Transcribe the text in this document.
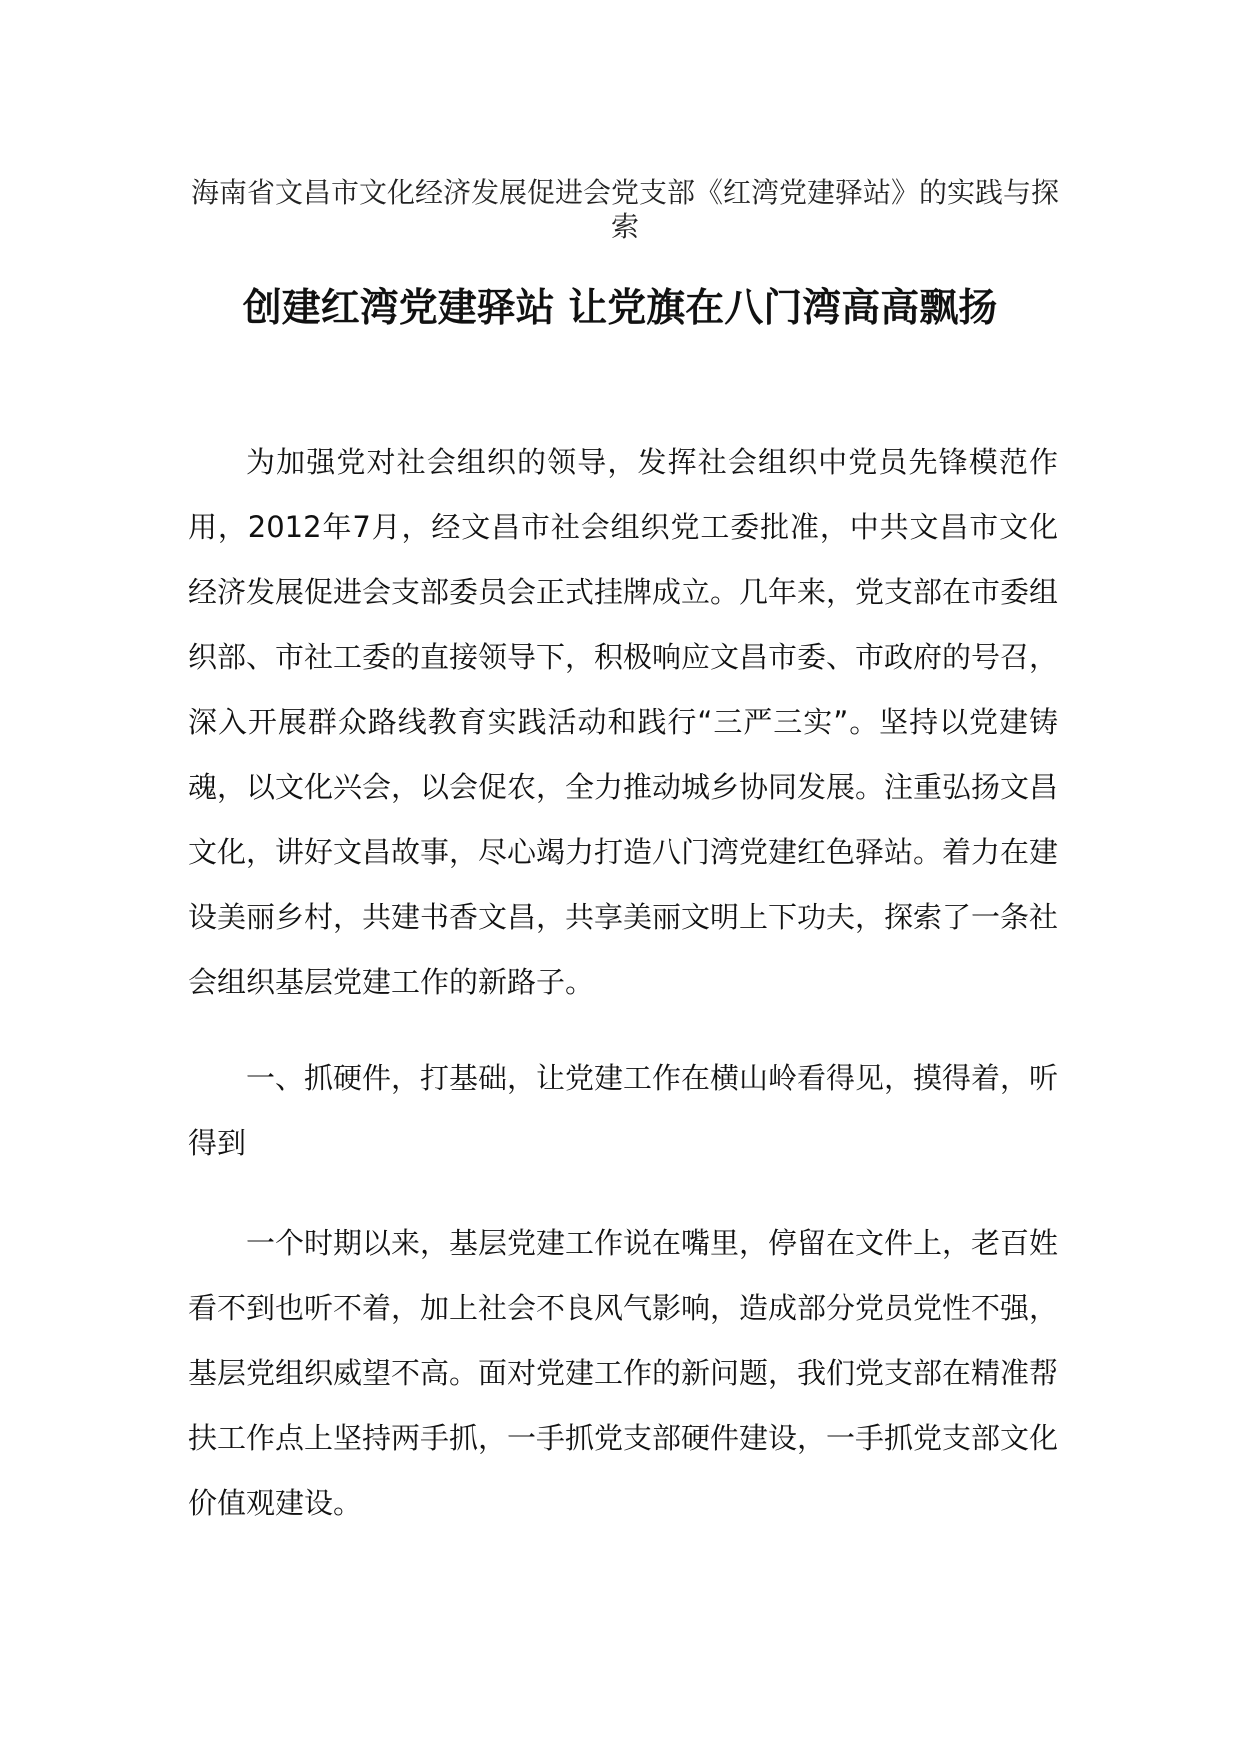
海南省文昌市文化经济发展促进会党支部《红湾党建驿站》的实践与探索
创建红湾党建驿站 让党旗在八门湾高高飘扬

为加强党对社会组织的领导，发挥社会组织中党员先锋模范作用，2012年7月，经文昌市社会组织党工委批准，中共文昌市文化经济发展促进会支部委员会正式挂牌成立。几年来，党支部在市委组织部、市社工委的直接领导下，积极响应文昌市委、市政府的号召，深入开展群众路线教育实践活动和践行“三严三实”。坚持以党建铸魂，以文化兴会，以会促农，全力推动城乡协同发展。注重弘扬文昌文化，讲好文昌故事，尽心竭力打造八门湾党建红色驿站。着力在建设美丽乡村，共建书香文昌，共享美丽文明上下功夫，探索了一条社会组织基层党建工作的新路子。

一、抓硬件，打基础，让党建工作在横山岭看得见，摸得着，听得到

一个时期以来，基层党建工作说在嘴里，停留在文件上，老百姓看不到也听不着，加上社会不良风气影响，造成部分党员党性不强，基层党组织威望不高。面对党建工作的新问题，我们党支部在精准帮扶工作点上坚持两手抓，一手抓党支部硬件建设，一手抓党支部文化价值观建设。
